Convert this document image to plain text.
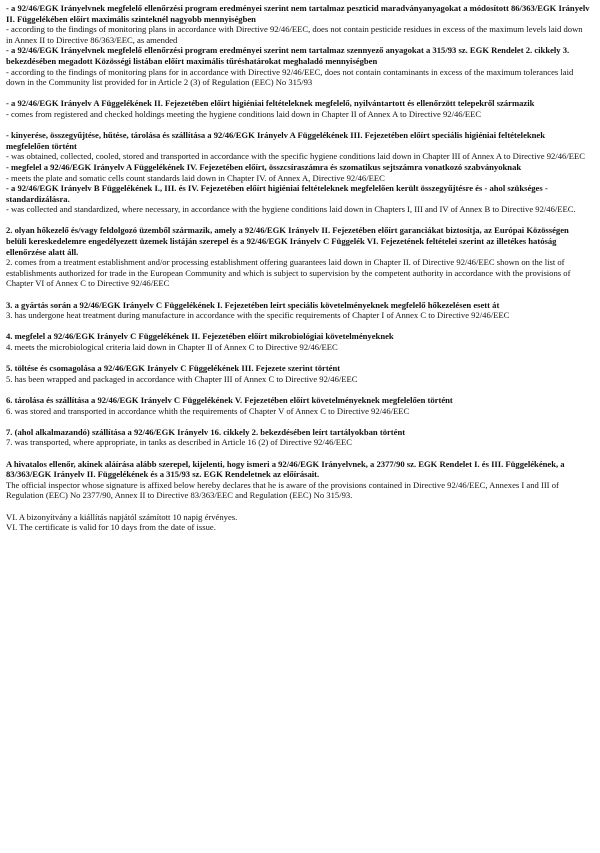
- a 92/46/EGK Irányelvnek megfelelő ellenőrzési program eredményei szerint nem tartalmaz peszticid maradványanyagokat a módosított 86/363/EGK Irányelv II. Függelékében előírt maximális szinteknél nagyobb mennyiségben

- according to the findings of monitoring plans in accordance with Directive 92/46/EEC, does not contain pesticide residues in excess of the maximum levels laid down in Annex II to Directive 86/363/EEC, as amended

- a 92/46/EGK Irányelvnek megfelelő ellenőrzési program eredményei szerint nem tartalmaz szennyező anyagokat a 315/93 sz. EGK Rendelet 2. cikkely 3. bekezdésében megadott Közösségi listában előírt maximális tűréshatárokat meghaladó mennyiségben

- according to the findings of monitoring plans for in accordance with Directive 92/46/EEC, does not contain contaminants in excess of the maximum tolerances laid down in the Community list provided for in Article 2 (3) of Regulation (EEC) No 315/93

- a 92/46/EGK Irányelv A Függelékének II. Fejezetében előírt higiéniai feltételeknek megfelelő, nyilvántartott és ellenőrzött telepekről származik

- comes from registered and checked holdings meeting the hygiene conditions laid down in Chapter II of Annex A to Directive 92/46/EEC

- kinyerése, összegyűjtése, hűtése, tárolása és szállítása a 92/46/EGK Irányelv A Függelékének III. Fejezetében előírt speciális higiéniai feltételeknek megfelelően történt

- was obtained, collected, cooled, stored and transported in accordance with the specific hygiene conditions laid down in Chapter III of Annex A to Directive 92/46/EEC

- megfelel a 92/46/EGK Irányelv A Függelékének IV. Fejezetében előírt, összcsíraszámra és szomatikus sejtszámra vonatkozó szabványoknak

- meets the plate and somatic cells count standards laid down in Chapter IV. of Annex A, Directive 92/46/EEC

- a 92/46/EGK Irányelv B Függelékének I., III. és IV. Fejezetében előírt higiéniai feltételeknek megfelelően került összegyűjtésre és - ahol szükséges - standardizálásra.

- was collected and standardized, where necessary, in accordance with the hygiene conditions laid down in Chapters I, III and IV of Annex B to Directive 92/46/EEC.

2. olyan hőkezelő és/vagy feldolgozó üzemből származik, amely a 92/46/EGK Irányelv II. Fejezetében előírt garanciákat biztosítja, az Európai Közösségen belüli kereskedelemre engedélyezett üzemek listáján szerepel és a 92/46/EGK Irányelv C Függelék VI. Fejezetének feltételei szerint az illetékes hatóság ellenőrzése alatt áll.

2. comes from a treatment establishment and/or processing establishment offering guarantees laid down in Chapter II. of Directive 92/46/EEC shown on the list of establishments authorized for trade in the European Community and which is subject to supervision by the competent authority in accordance with the provisions of Chapter VI of Annex C to Directive 92/46/EEC

3. a gyártás során a 92/46/EGK Irányelv C Függelékének I. Fejezetében leírt speciális követelményeknek megfelelő hőkezelésen esett át

3. has undergone heat treatment during manufacture in accordance with the specific requirements of Chapter I of Annex C to Directive 92/46/EEC

4. megfelel a 92/46/EGK Irányelv C Függelékének II. Fejezetében előírt mikrobiológiai követelményeknek

4. meets the microbiological criteria laid down in Chapter II of Annex C to Directive 92/46/EEC

5. töltése és csomagolása a 92/46/EGK Irányelv C Függelékének III. Fejezete szerint történt

5. has been wrapped and packaged in accordance with Chapter III of Annex C to Directive 92/46/EEC

6. tárolása és szállítása a 92/46/EGK Irányelv C Függelékének V. Fejezetében előírt követelményeknek megfelelően történt

6. was stored and transported in accordance whith the requirements of Chapter V of Annex C to Directive 92/46/EEC

7. (ahol alkalmazandó) szállítása a 92/46/EGK Irányelv 16. cikkely 2. bekezdésében leírt tartályokban történt

7. was transported, where appropriate, in tanks as described in Article 16 (2) of Directive 92/46/EEC

A hivatalos ellenőr, akinek aláírása alább szerepel, kijelenti, hogy ismeri a 92/46/EGK Irányelvnek, a 2377/90 sz. EGK Rendelet I. és III. Függelékének, a 83/363/EGK Irányelv II. Függelékének és a 315/93 sz. EGK Rendeletnek az előírásait.

The official inspector whose signature is affixed below hereby declares that he is aware of the provisions contained in Directive 92/46/EEC, Annexes I and III of Regulation (EEC) No 2377/90, Annex II to Directive 83/363/EEC and Regulation (EEC) No 315/93.

VI. A bizonyítvány a kiállítás napjától számított 10 napig érvényes.

VI. The certificate is valid for 10 days from the date of issue.
